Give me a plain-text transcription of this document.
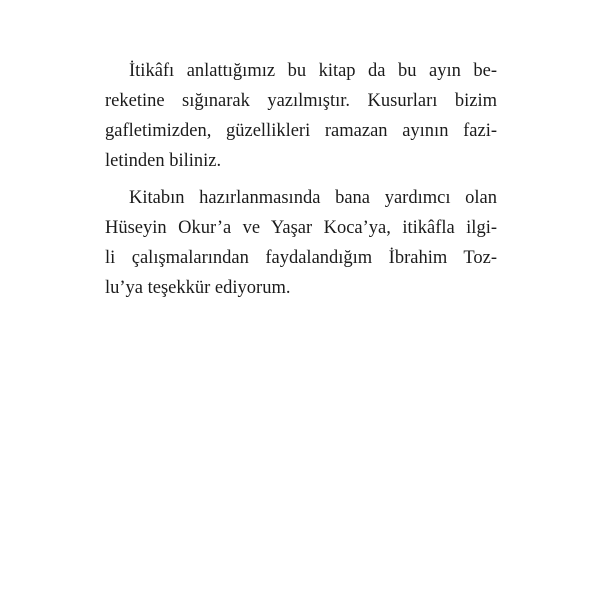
İtikâfı anlattığımız bu kitap da bu ayın be-
reketine sığınarak yazılmıştır. Kusurları bizim
gafletimizden, güzellikleri ramazan ayının fazi-
letinden biliniz.
Kitabın hazırlanmasında bana yardımcı olan
Hüseyin Okur’a ve Yaşar Koca’ya, itikâfla ilgi-
li çalışmalarından faydalandığım İbrahim Toz-
lu’ya teşekkür ediyorum.
